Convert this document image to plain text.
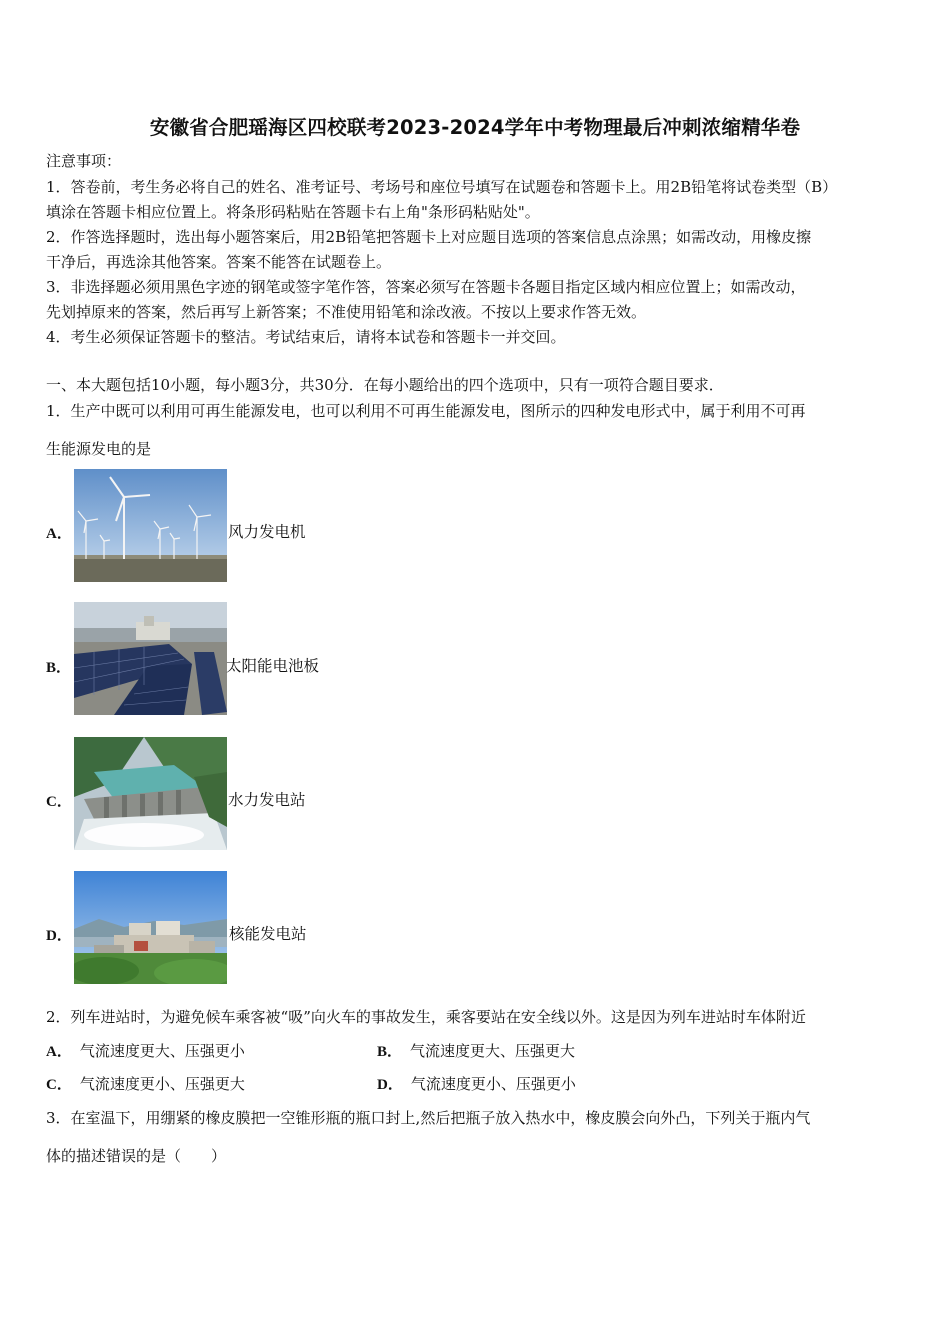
安徽省合肥瑶海区四校联考2023-2024学年中考物理最后冲刺浓缩精华卷
注意事项：
1．答卷前，考生务必将自己的姓名、准考证号、考场号和座位号填写在试题卷和答题卡上。用2B铅笔将试卷类型（B）
填涂在答题卡相应位置上。将条形码粘贴在答题卡右上角"条形码粘贴处"。
2．作答选择题时，选出每小题答案后，用2B铅笔把答题卡上对应题目选项的答案信息点涂黑；如需改动，用橡皮擦
干净后，再选涂其他答案。答案不能答在试题卷上。
3．非选择题必须用黑色字迹的钢笔或签字笔作答，答案必须写在答题卡各题目指定区域内相应位置上；如需改动，
先划掉原来的答案，然后再写上新答案；不准使用铅笔和涂改液。不按以上要求作答无效。
4．考生必须保证答题卡的整洁。考试结束后，请将本试卷和答题卡一并交回。
一、本大题包括10小题，每小题3分，共30分．在每小题给出的四个选项中，只有一项符合题目要求．
1．生产中既可以利用可再生能源发电，也可以利用不可再生能源发电，图所示的四种发电形式中，属于利用不可再
生能源发电的是
A．	风力发电机
B．	太阳能电池板
C．	水力发电站
D．	核能发电站
2．列车进站时，为避免候车乘客被“吸”向火车的事故发生，乘客要站在安全线以外。这是因为列车进站时车体附近
A． 气流速度更大、压强更小	B． 气流速度更大、压强更大
C． 气流速度更小、压强更大	D． 气流速度更小、压强更小
3．在室温下，用绷紧的橡皮膜把一空锥形瓶的瓶口封上,然后把瓶子放入热水中，橡皮膜会向外凸，下列关于瓶内气
体的描述错误的是（　　）
